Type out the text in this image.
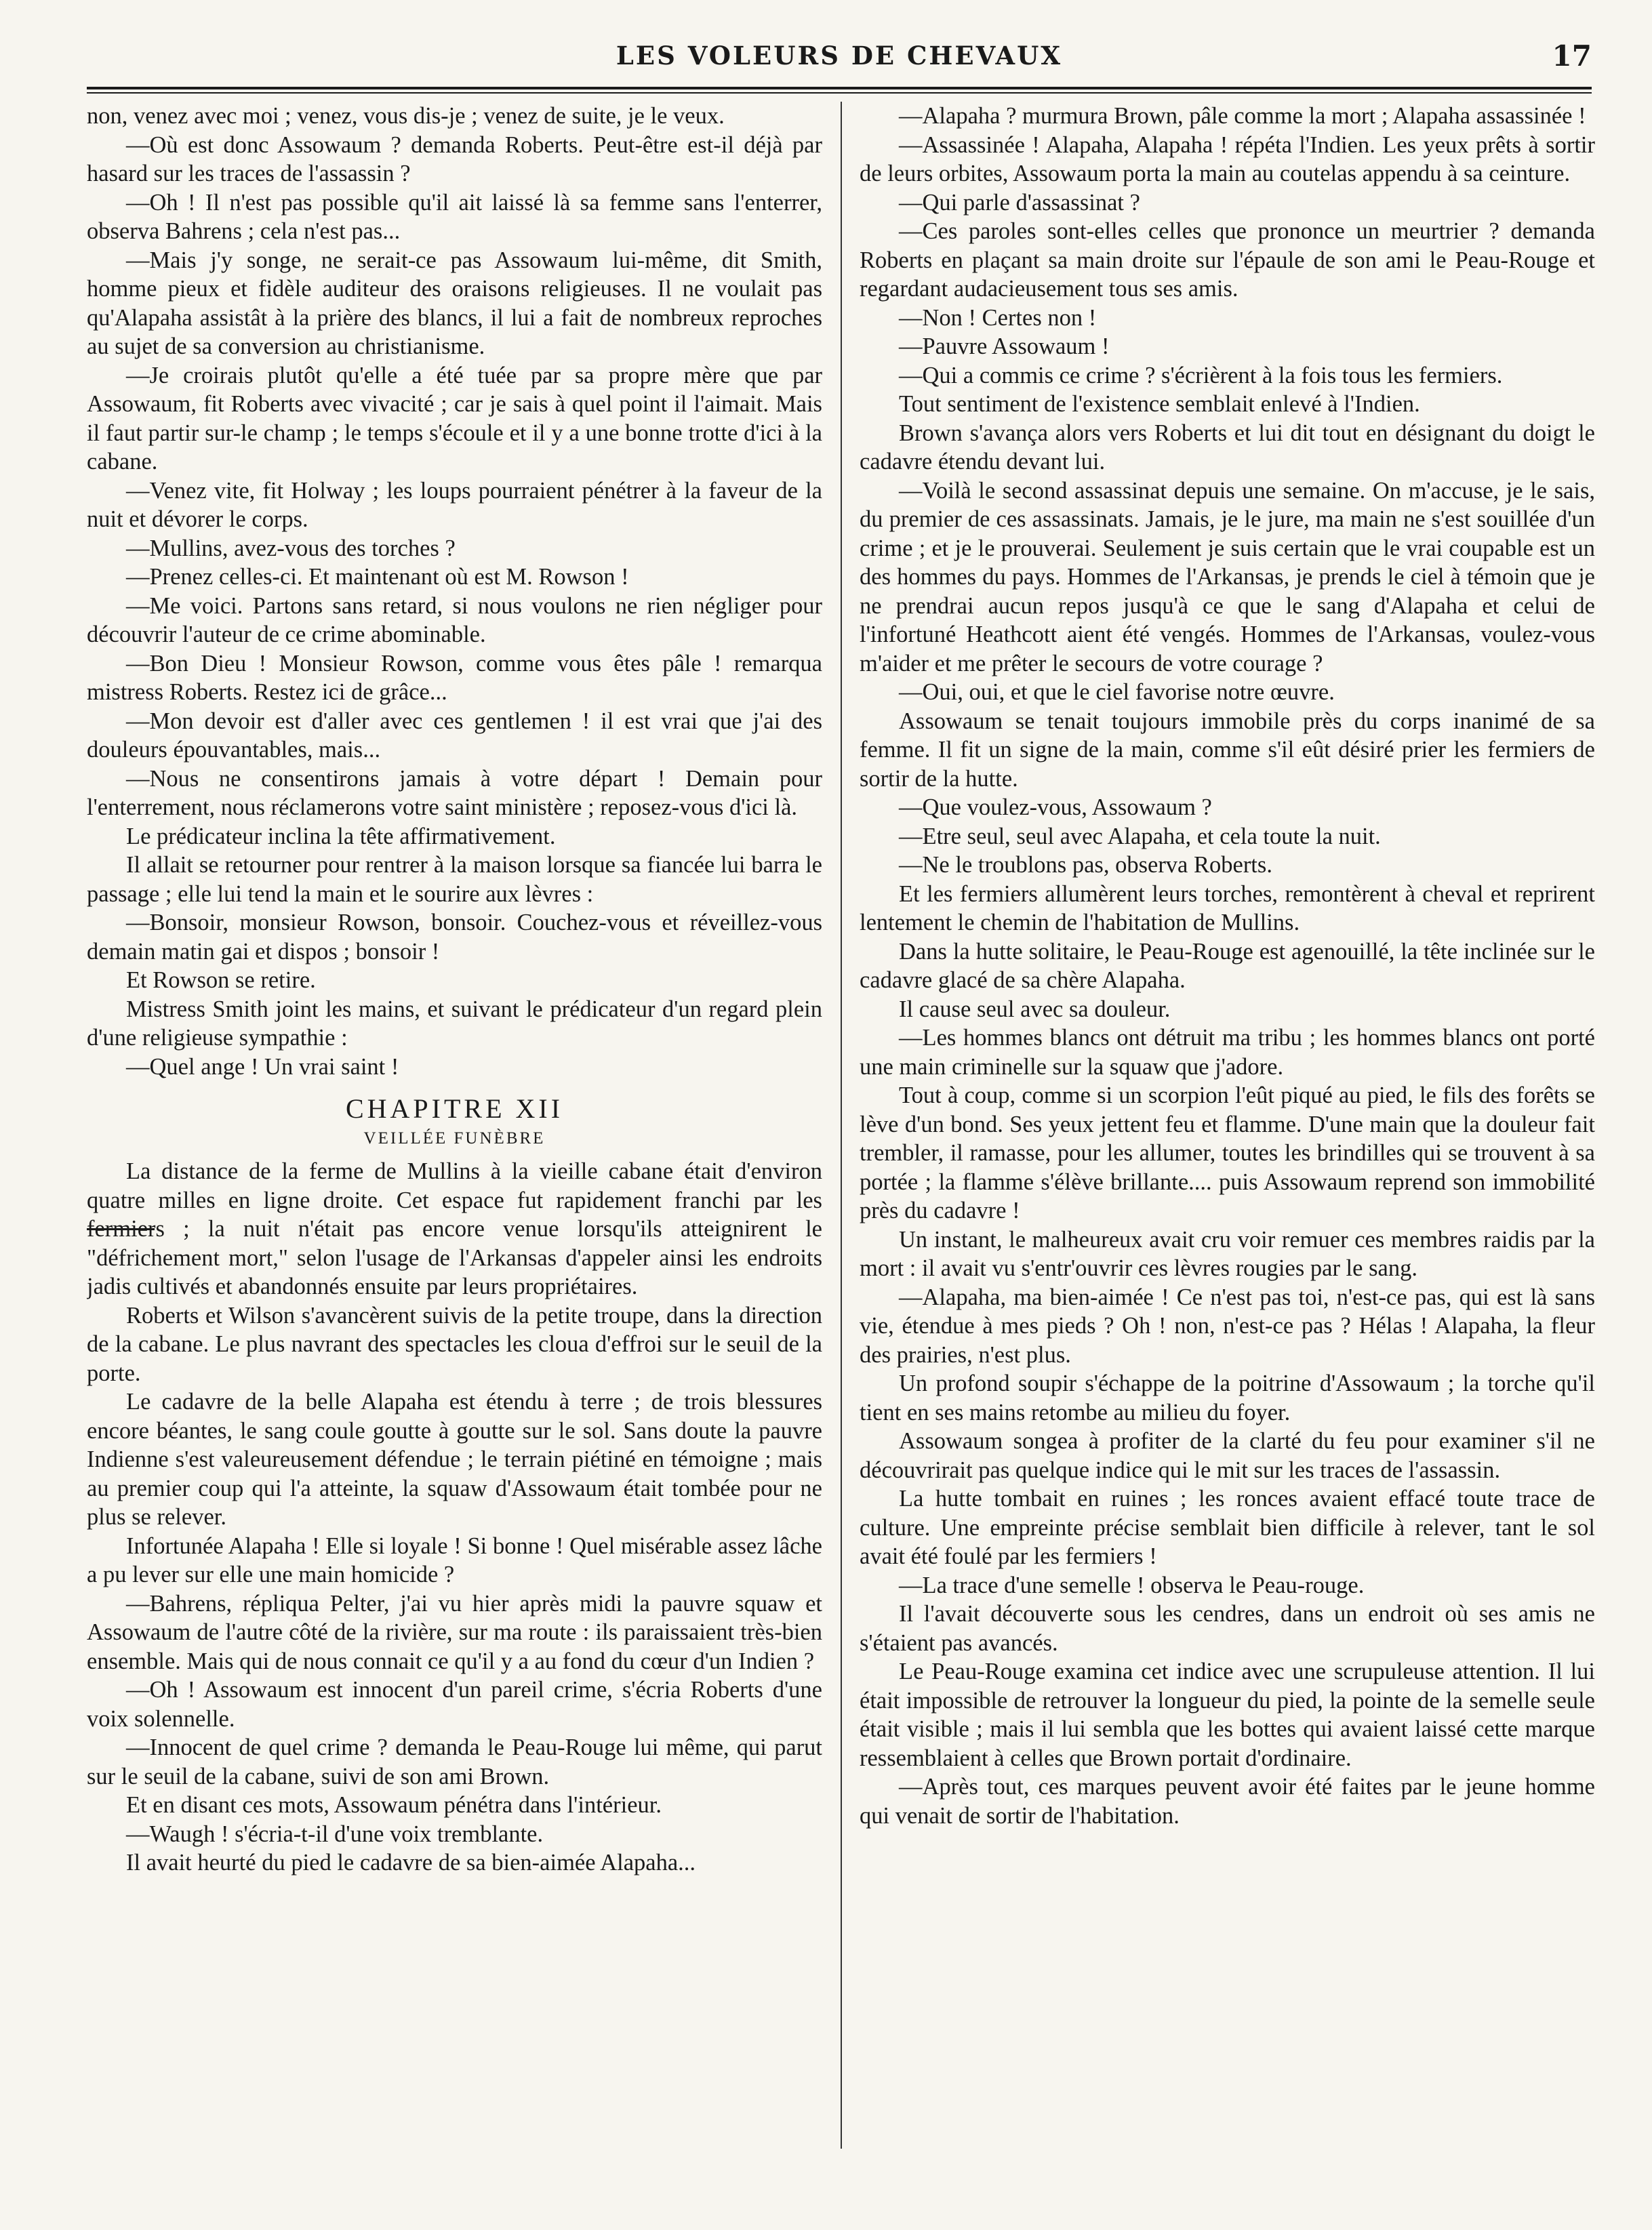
LES VOLEURS DE CHEVAUX	17

non, venez avec moi ; venez, vous dis-je ; venez de suite, je le veux.

—Où est donc Assowaum ? demanda Roberts. Peut-être est-il déjà par hasard sur les traces de l'assassin ?

—Oh ! Il n'est pas possible qu'il ait laissé là sa femme sans l'enterrer, observa Bahrens ; cela n'est pas...

—Mais j'y songe, ne serait-ce pas Assowaum lui-même, dit Smith, homme pieux et fidèle auditeur des oraisons religieuses. Il ne voulait pas qu'Alapaha assistât à la prière des blancs, il lui a fait de nombreux reproches au sujet de sa conversion au christianisme.

—Je croirais plutôt qu'elle a été tuée par sa propre mère que par Assowaum, fit Roberts avec vivacité ; car je sais à quel point il l'aimait. Mais il faut partir sur-le champ ; le temps s'écoule et il y a une bonne trotte d'ici à la cabane.

—Venez vite, fit Holway ; les loups pourraient pénétrer à la faveur de la nuit et dévorer le corps.

—Mullins, avez-vous des torches ?

—Prenez celles-ci. Et maintenant où est M. Rowson !

—Me voici. Partons sans retard, si nous voulons ne rien négliger pour découvrir l'auteur de ce crime abominable.

—Bon Dieu ! Monsieur Rowson, comme vous êtes pâle ! remarqua mistress Roberts. Restez ici de grâce...

—Mon devoir est d'aller avec ces gentlemen ! il est vrai que j'ai des douleurs épouvantables, mais...

—Nous ne consentirons jamais à votre départ ! Demain pour l'enterrement, nous réclamerons votre saint ministère ; reposez-vous d'ici là.

Le prédicateur inclina la tête affirmativement.

Il allait se retourner pour rentrer à la maison lorsque sa fiancée lui barra le passage ; elle lui tend la main et le sourire aux lèvres :

—Bonsoir, monsieur Rowson, bonsoir. Couchez-vous et réveillez-vous demain matin gai et dispos ; bonsoir !

Et Rowson se retire.

Mistress Smith joint les mains, et suivant le prédicateur d'un regard plein d'une religieuse sympathie :

—Quel ange ! Un vrai saint !

CHAPITRE XII
VEILLÉE FUNÈBRE

La distance de la ferme de Mullins à la vieille cabane était d'environ quatre milles en ligne droite. Cet espace fut rapidement franchi par les fermiers ; la nuit n'était pas encore venue lorsqu'ils atteignirent le "défrichement mort," selon l'usage de l'Arkansas d'appeler ainsi les endroits jadis cultivés et abandonnés ensuite par leurs propriétaires.

Roberts et Wilson s'avancèrent suivis de la petite troupe, dans la direction de la cabane. Le plus navrant des spectacles les cloua d'effroi sur le seuil de la porte.

Le cadavre de la belle Alapaha est étendu à terre ; de trois blessures encore béantes, le sang coule goutte à goutte sur le sol. Sans doute la pauvre Indienne s'est valeureusement défendue ; le terrain piétiné en témoigne ; mais au premier coup qui l'a atteinte, la squaw d'Assowaum était tombée pour ne plus se relever.

Infortunée Alapaha ! Elle si loyale ! Si bonne ! Quel misérable assez lâche a pu lever sur elle une main homicide ?

—Bahrens, répliqua Pelter, j'ai vu hier après midi la pauvre squaw et Assowaum de l'autre côté de la rivière, sur ma route : ils paraissaient très-bien ensemble. Mais qui de nous connait ce qu'il y a au fond du cœur d'un Indien ?

—Oh ! Assowaum est innocent d'un pareil crime, s'écria Roberts d'une voix solennelle.

—Innocent de quel crime ? demanda le Peau-Rouge lui même, qui parut sur le seuil de la cabane, suivi de son ami Brown.

Et en disant ces mots, Assowaum pénétra dans l'intérieur.

—Waugh ! s'écria-t-il d'une voix tremblante.

Il avait heurté du pied le cadavre de sa bien-aimée Alapaha...

—Alapaha ? murmura Brown, pâle comme la mort ; Alapaha assassinée !

—Assassinée ! Alapaha, Alapaha ! répéta l'Indien. Les yeux prêts à sortir de leurs orbites, Assowaum porta la main au coutelas appendu à sa ceinture.

—Qui parle d'assassinat ?

—Ces paroles sont-elles celles que prononce un meurtrier ? demanda Roberts en plaçant sa main droite sur l'épaule de son ami le Peau-Rouge et regardant audacieusement tous ses amis.

—Non ! Certes non !

—Pauvre Assowaum !

—Qui a commis ce crime ? s'écrièrent à la fois tous les fermiers.

Tout sentiment de l'existence semblait enlevé à l'Indien.

Brown s'avança alors vers Roberts et lui dit tout en désignant du doigt le cadavre étendu devant lui.

—Voilà le second assassinat depuis une semaine. On m'accuse, je le sais, du premier de ces assassinats. Jamais, je le jure, ma main ne s'est souillée d'un crime ; et je le prouverai. Seulement je suis certain que le vrai coupable est un des hommes du pays. Hommes de l'Arkansas, je prends le ciel à témoin que je ne prendrai aucun repos jusqu'à ce que le sang d'Alapaha et celui de l'infortuné Heathcott aient été vengés. Hommes de l'Arkansas, voulez-vous m'aider et me prêter le secours de votre courage ?

—Oui, oui, et que le ciel favorise notre œuvre.

Assowaum se tenait toujours immobile près du corps inanimé de sa femme. Il fit un signe de la main, comme s'il eût désiré prier les fermiers de sortir de la hutte.

—Que voulez-vous, Assowaum ?

—Etre seul, seul avec Alapaha, et cela toute la nuit.

—Ne le troublons pas, observa Roberts.

Et les fermiers allumèrent leurs torches, remontèrent à cheval et reprirent lentement le chemin de l'habitation de Mullins.

Dans la hutte solitaire, le Peau-Rouge est agenouillé, la tête inclinée sur le cadavre glacé de sa chère Alapaha.

Il cause seul avec sa douleur.

—Les hommes blancs ont détruit ma tribu ; les hommes blancs ont porté une main criminelle sur la squaw que j'adore.

Tout à coup, comme si un scorpion l'eût piqué au pied, le fils des forêts se lève d'un bond. Ses yeux jettent feu et flamme. D'une main que la douleur fait trembler, il ramasse, pour les allumer, toutes les brindilles qui se trouvent à sa portée ; la flamme s'élève brillante.... puis Assowaum reprend son immobilité près du cadavre !

Un instant, le malheureux avait cru voir remuer ces membres raidis par la mort : il avait vu s'entr'ouvrir ces lèvres rougies par le sang.

—Alapaha, ma bien-aimée ! Ce n'est pas toi, n'est-ce pas, qui est là sans vie, étendue à mes pieds ? Oh ! non, n'est-ce pas ? Hélas ! Alapaha, la fleur des prairies, n'est plus.

Un profond soupir s'échappe de la poitrine d'Assowaum ; la torche qu'il tient en ses mains retombe au milieu du foyer.

Assowaum songea à profiter de la clarté du feu pour examiner s'il ne découvrirait pas quelque indice qui le mit sur les traces de l'assassin.

La hutte tombait en ruines ; les ronces avaient effacé toute trace de culture. Une empreinte précise semblait bien difficile à relever, tant le sol avait été foulé par les fermiers !

—La trace d'une semelle ! observa le Peau-rouge.

Il l'avait découverte sous les cendres, dans un endroit où ses amis ne s'étaient pas avancés.

Le Peau-Rouge examina cet indice avec une scrupuleuse attention. Il lui était impossible de retrouver la longueur du pied, la pointe de la semelle seule était visible ; mais il lui sembla que les bottes qui avaient laissé cette marque ressemblaient à celles que Brown portait d'ordinaire.

—Après tout, ces marques peuvent avoir été faites par le jeune homme qui venait de sortir de l'habitation.
